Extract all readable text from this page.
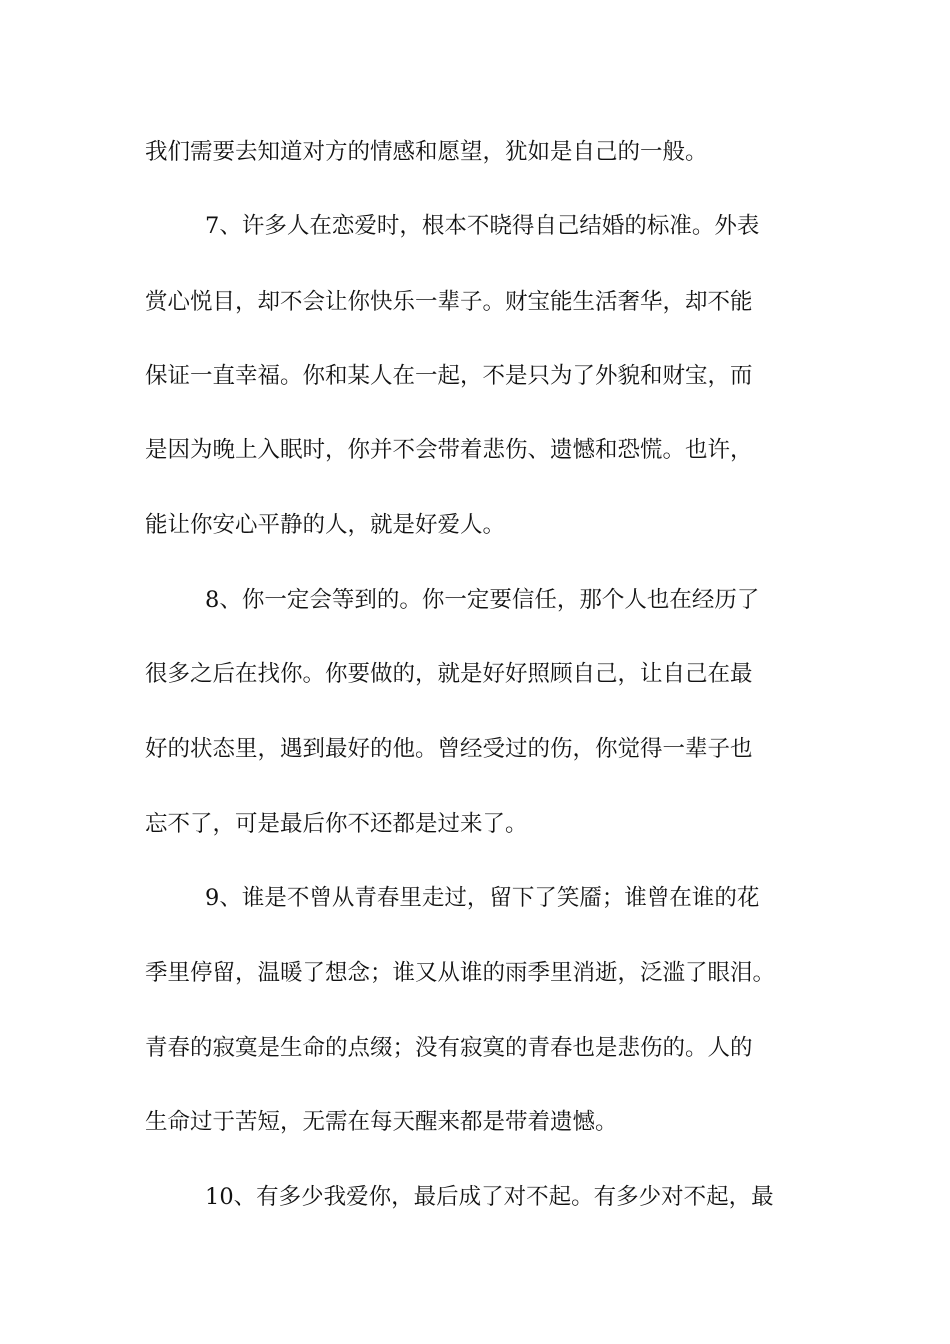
我们需要去知道对方的情感和愿望，犹如是自己的一般。
7、许多人在恋爱时，根本不晓得自己结婚的标准。外表
赏心悦目，却不会让你快乐一辈子。财宝能生活奢华，却不能
保证一直幸福。你和某人在一起，不是只为了外貌和财宝，而
是因为晚上入眠时，你并不会带着悲伤、遗憾和恐慌。也许，
能让你安心平静的人，就是好爱人。
8、你一定会等到的。你一定要信任，那个人也在经历了
很多之后在找你。你要做的，就是好好照顾自己，让自己在最
好的状态里，遇到最好的他。曾经受过的伤，你觉得一辈子也
忘不了，可是最后你不还都是过来了。
9、谁是不曾从青春里走过，留下了笑靥；谁曾在谁的花
季里停留，温暖了想念；谁又从谁的雨季里消逝，泛滥了眼泪。
青春的寂寞是生命的点缀；没有寂寞的青春也是悲伤的。人的
生命过于苦短，无需在每天醒来都是带着遗憾。
10、有多少我爱你，最后成了对不起。有多少对不起，最
